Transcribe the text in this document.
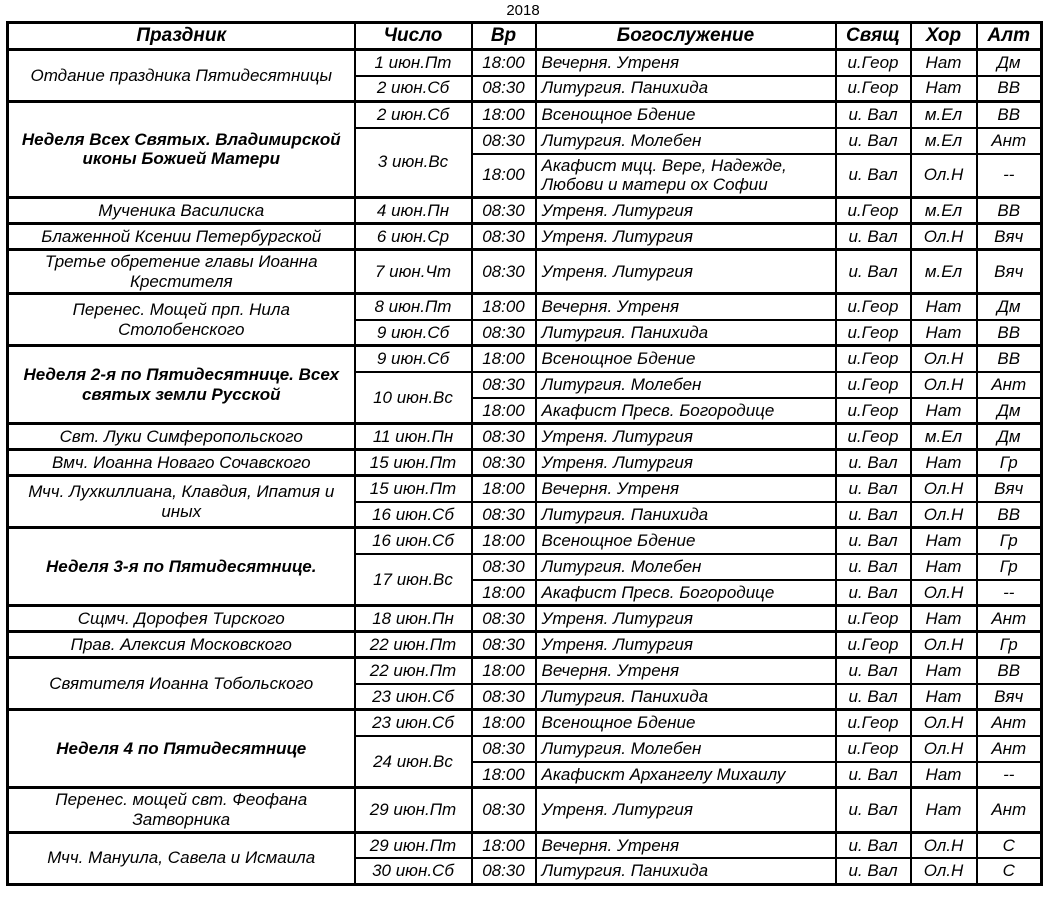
2018
Праздник	Число	Вр	Богослужение	Свящ	Хор	Алт
Отдание праздника Пятидесятницы	1 июн.Пт	18:00	Вечерня. Утреня	и.Геор	Нат	Дм
	2 июн.Сб	08:30	Литургия. Панихида	и.Геор	Нат	ВВ
Неделя Всех Святых. Владимирской иконы Божией Матери	2 июн.Сб	18:00	Всенощное Бдение	и. Вал	м.Ел	ВВ
	3 июн.Вс	08:30	Литургия. Молебен	и. Вал	м.Ел	Ант
		18:00	Акафист мцц. Вере, Надежде, Любови и матери ох Софии	и. Вал	Ол.Н	--
Мученика Василиска	4 июн.Пн	08:30	Утреня. Литургия	и.Геор	м.Ел	ВВ
Блаженной Ксении Петербургской	6 июн.Ср	08:30	Утреня. Литургия	и. Вал	Ол.Н	Вяч
Третье обретение главы Иоанна Крестителя	7 июн.Чт	08:30	Утреня. Литургия	и. Вал	м.Ел	Вяч
Перенес. Мощей прп. Нила Столобенского	8 июн.Пт	18:00	Вечерня. Утреня	и.Геор	Нат	Дм
	9 июн.Сб	08:30	Литургия. Панихида	и.Геор	Нат	ВВ
Неделя 2-я по Пятидесятнице. Всех святых земли Русской	9 июн.Сб	18:00	Всенощное Бдение	и.Геор	Ол.Н	ВВ
	10 июн.Вс	08:30	Литургия. Молебен	и.Геор	Ол.Н	Ант
		18:00	Акафист Пресв. Богородице	и.Геор	Нат	Дм
Свт. Луки Симферопольского	11 июн.Пн	08:30	Утреня. Литургия	и.Геор	м.Ел	Дм
Вмч. Иоанна Новаго Сочавского	15 июн.Пт	08:30	Утреня. Литургия	и. Вал	Нат	Гр
Мчч. Лухкиллиана, Клавдия, Ипатия и иных	15 июн.Пт	18:00	Вечерня. Утреня	и. Вал	Ол.Н	Вяч
	16 июн.Сб	08:30	Литургия. Панихида	и. Вал	Ол.Н	ВВ
Неделя 3-я по Пятидесятнице.	16 июн.Сб	18:00	Всенощное Бдение	и. Вал	Нат	Гр
	17 июн.Вс	08:30	Литургия. Молебен	и. Вал	Нат	Гр
		18:00	Акафист Пресв. Богородице	и. Вал	Ол.Н	--
Сщмч. Дорофея Тирского	18 июн.Пн	08:30	Утреня. Литургия	и.Геор	Нат	Ант
Прав. Алексия Московского	22 июн.Пт	08:30	Утреня. Литургия	и.Геор	Ол.Н	Гр
Святителя Иоанна Тобольского	22 июн.Пт	18:00	Вечерня. Утреня	и. Вал	Нат	ВВ
	23 июн.Сб	08:30	Литургия. Панихида	и. Вал	Нат	Вяч
Неделя 4 по Пятидесятнице	23 июн.Сб	18:00	Всенощное Бдение	и.Геор	Ол.Н	Ант
	24 июн.Вс	08:30	Литургия. Молебен	и.Геор	Ол.Н	Ант
		18:00	Акафискт Архангелу Михаилу	и. Вал	Нат	--
Перенес. мощей свт. Феофана Затворника	29 июн.Пт	08:30	Утреня. Литургия	и. Вал	Нат	Ант
Мчч. Мануила, Савела и Исмаила	29 июн.Пт	18:00	Вечерня. Утреня	и. Вал	Ол.Н	С
	30 июн.Сб	08:30	Литургия. Панихида	и. Вал	Ол.Н	С
